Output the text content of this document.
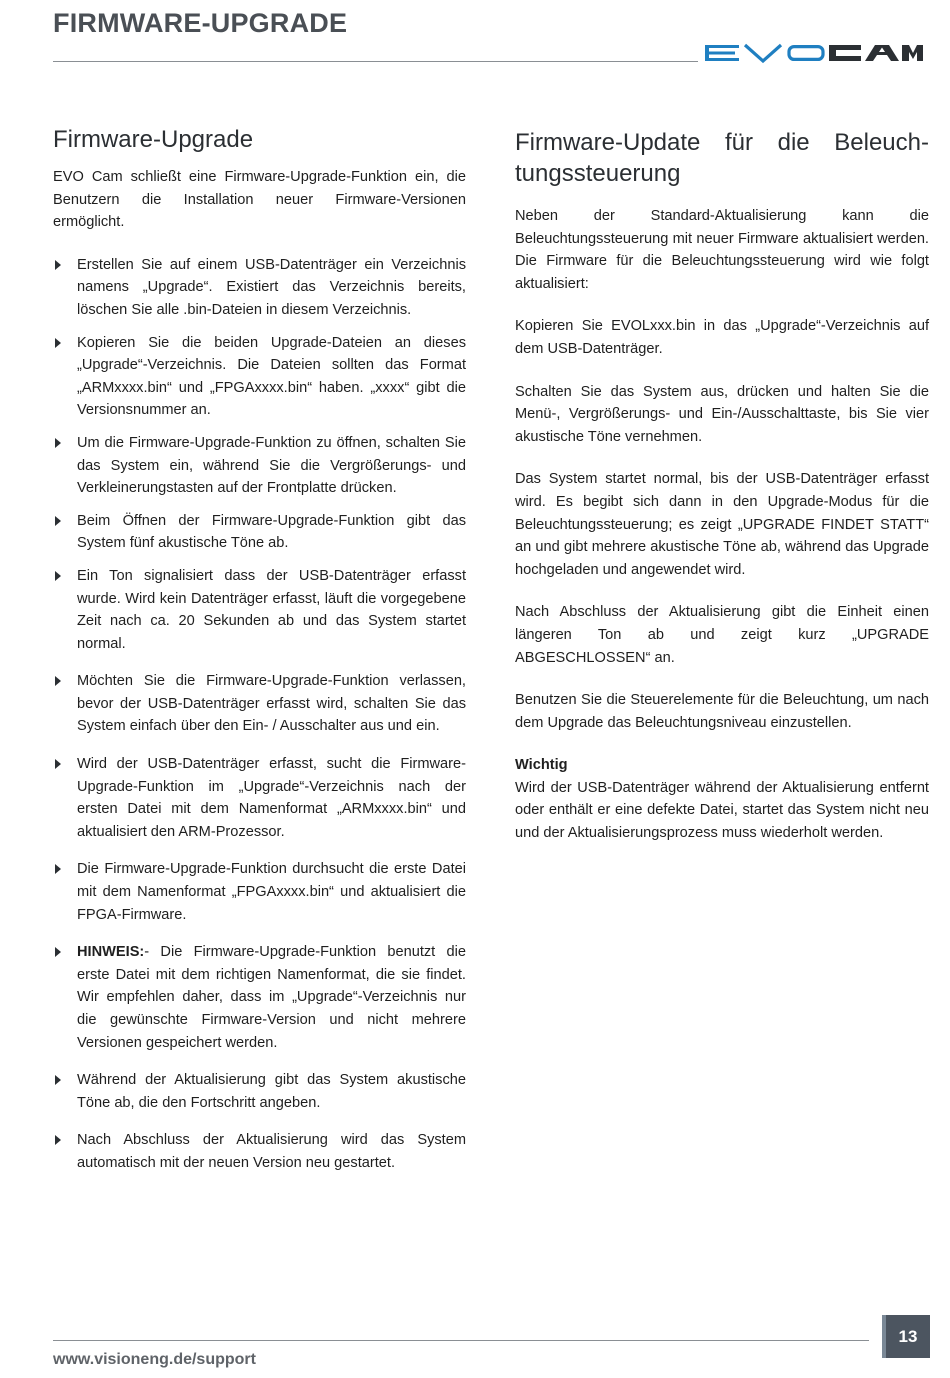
FIRMWARE-UPGRADE
Firmware-Upgrade

EVO Cam schließt eine Firmware-Upgrade-Funktion ein, die Benutzern die Installation neuer Firmware-Versionen ermöglicht.

Erstellen Sie auf einem USB-Datenträger ein Verzeichnis namens „Upgrade“. Existiert das Verzeichnis bereits, löschen Sie alle .bin-Dateien in diesem Verzeichnis.
Kopieren Sie die beiden Upgrade-Dateien an dieses „Upgrade“-Verzeichnis. Die Dateien sollten das Format „ARMxxxx.bin“ und „FPGAxxxx.bin“ haben. „xxxx“ gibt die Versionsnummer an.
Um die Firmware-Upgrade-Funktion zu öffnen, schalten Sie das System ein, während Sie die Vergrößerungs- und Verkleinerungstasten auf der Frontplatte drücken.
Beim Öffnen der Firmware-Upgrade-Funktion gibt das System fünf akustische Töne ab.
Ein Ton signalisiert dass der USB-Datenträger erfasst wurde. Wird kein Datenträger erfasst, läuft die vorgegebene Zeit nach ca. 20 Sekunden ab und das System startet normal.
Möchten Sie die Firmware-Upgrade-Funktion verlassen, bevor der USB-Datenträger erfasst wird, schalten Sie das System einfach über den Ein- / Ausschalter aus und ein.
Wird der USB-Datenträger erfasst, sucht die Firmware-Upgrade-Funktion im „Upgrade“-Verzeichnis nach der ersten Datei mit dem Namenformat „ARMxxxx.bin“ und aktualisiert den ARM-Prozessor.
Die Firmware-Upgrade-Funktion durchsucht die erste Datei mit dem Namenformat „FPGAxxxx.bin“ und aktualisiert die FPGA-Firmware.
HINWEIS:- Die Firmware-Upgrade-Funktion benutzt die erste Datei mit dem richtigen Namenformat, die sie findet. Wir empfehlen daher, dass im „Upgrade“-Verzeichnis nur die gewünschte Firmware-Version und nicht mehrere Versionen gespeichert werden.
Während der Aktualisierung gibt das System akustische Töne ab, die den Fortschritt angeben.
Nach Abschluss der Aktualisierung wird das System automatisch mit der neuen Version neu gestartet.
Firmware-Update für die Beleuchtungssteuerung

Neben der Standard-Aktualisierung kann die Beleuchtungssteuerung mit neuer Firmware aktualisiert werden. Die Firmware für die Beleuchtungssteuerung wird wie folgt aktualisiert:

Kopieren Sie EVOLxxx.bin in das „Upgrade“-Verzeichnis auf dem USB-Datenträger.

Schalten Sie das System aus, drücken und halten Sie die Menü-, Vergrößerungs- und Ein-/Ausschalttaste, bis Sie vier akustische Töne vernehmen.

Das System startet normal, bis der USB-Datenträger erfasst wird. Es begibt sich dann in den Upgrade-Modus für die Beleuchtungssteuerung; es zeigt „UPGRADE FINDET STATT“ an und gibt mehrere akustische Töne ab, während das Upgrade hochgeladen und angewendet wird.

Nach Abschluss der Aktualisierung gibt die Einheit einen längeren Ton ab und zeigt kurz „UPGRADE ABGESCHLOSSEN“ an.

Benutzen Sie die Steuerelemente für die Beleuchtung, um nach dem Upgrade das Beleuchtungsniveau einzustellen.

Wichtig

Wird der USB-Datenträger während der Aktualisierung entfernt oder enthält er eine defekte Datei, startet das System nicht neu und der Aktualisierungsprozess muss wiederholt werden.

13
www.visioneng.de/support
